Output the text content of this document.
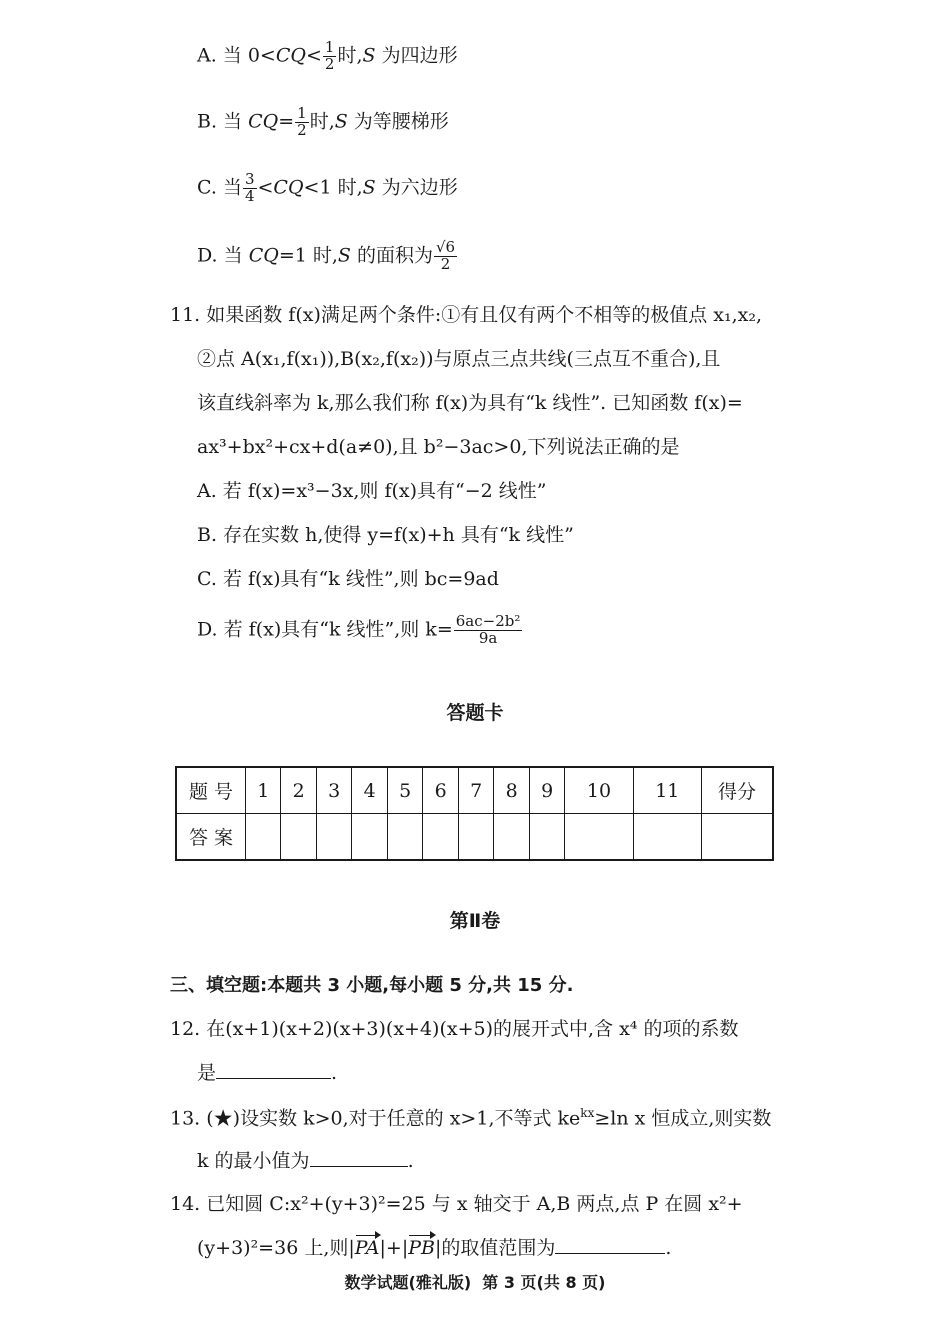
A. 当 $0<CQ< \frac{1}{2}$ 时,S 为四边形
B. 当 $CQ= \frac{1}{2}$ 时,S 为等腰梯形
C. 当 $\frac{3}{4} <CQ<1$ 时,S 为六边形
D. 当 CQ=1 时,S 的面积为 $\frac{√6}{2}$
11. 如果函数 f(x)满足两个条件:①有且仅有两个不相等的极值点 x₁,x₂,
②点 A(x₁,f(x₁)),B(x₂,f(x₂))与原点三点共线(三点互不重合),且
该直线斜率为 k,那么我们称 f(x)为具有“k 线性”. 已知函数 f(x)=
ax³+bx²+cx+d(a≠0),且 b²−3ac>0,下列说法正确的是
A. 若 f(x)=x³−3x,则 f(x)具有“−2 线性”
B. 存在实数 h,使得 y=f(x)+h 具有“k 线性”
C. 若 f(x)具有“k 线性”,则 bc=9ad
D. 若 f(x)具有“k 线性”,则 $k= \frac{\text{6ac−2b²}}{9a}$
答题卡
题 号	1	2	3	4	5	6	7	8	9	10	11	得分
答 案												
第Ⅱ卷
三、填空题:本题共 3 小题,每小题 5 分,共 15 分.
12. 在(x+1)(x+2)(x+3)(x+4)(x+5)的展开式中,含 x⁴ 的项的系数
是	.
13. (★)设实数 k>0,对于任意的 x>1,不等式 $ke^{kx}\ge\ln$ x 恒成立,则实数
k 的最小值为	.
14. 已知圆 C:x²+(y+3)²=25 与 x 轴交于 A,B 两点,点 P 在圆 x²+
(y+3)²=36 上,则|PA|+|PB|的取值范围为	.
数学试题(雅礼版)  第 3 页(共 8 页)
